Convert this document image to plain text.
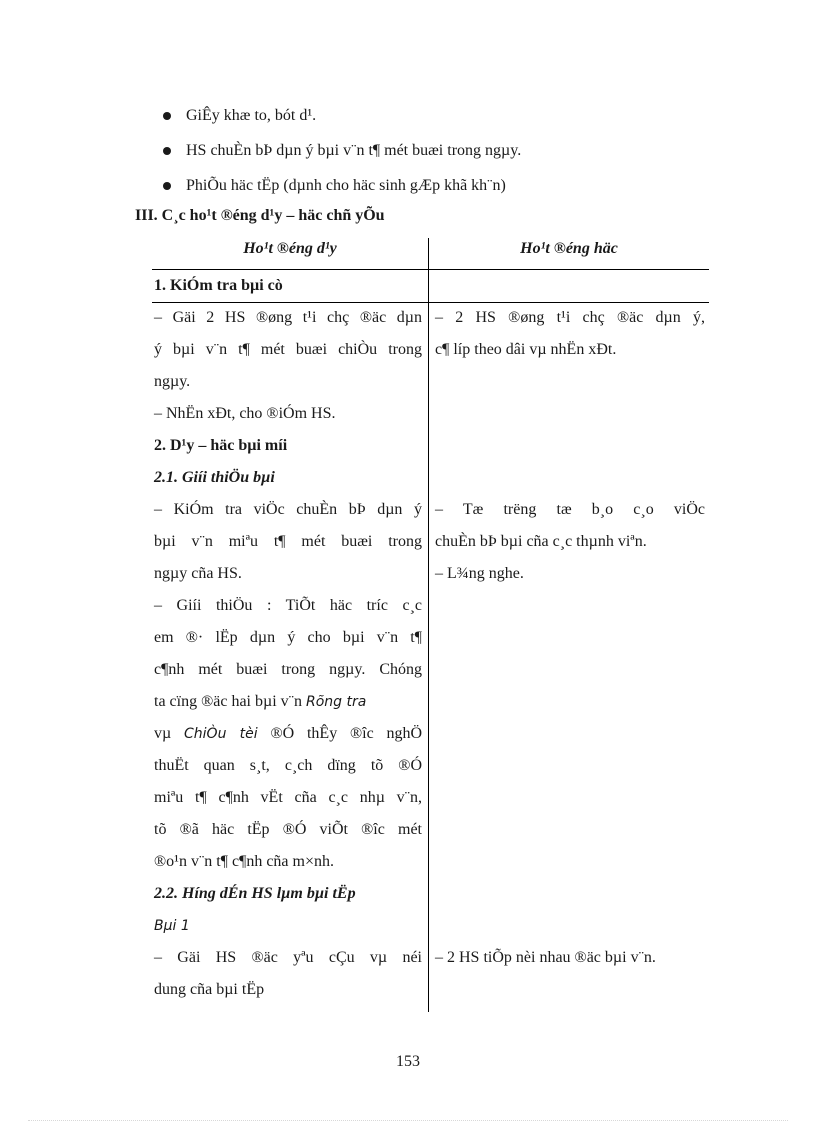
GiÊy khæ to, bót d¹.
HS chuÈn bÞ dµn ý bµi v¨n t¶ mét buæi trong ngµy.
PhiÕu häc tËp (dµnh cho häc sinh gÆp khã kh¨n)
III. C¸c ho¹t ®éng d¹y – häc chñ yÕu
Ho¹t ®éng d¹y	Ho¹t ®éng häc
1. KiÓm tra bµi cò
– Gäi 2 HS ®øng t¹i chç ®äc dµn
ý bµi v¨n t¶ mét buæi chiÒu trong
ngµy.
– NhËn xÐt, cho ®iÓm HS.
2. D¹y – häc bµi míi
2.1. Giíi thiÖu bµi
– KiÓm tra viÖc chuÈn bÞ dµn ý
bµi v¨n miªu t¶ mét buæi trong
ngµy cña HS.
– Giíi thiÖu : TiÕt häc tríc c¸c
em ®· lËp dµn ý cho bµi v¨n t¶
c¶nh mét buæi trong ngµy. Chóng
ta cïng ®äc hai bµi v¨n Rõng tra
vµ ChiÒu tèi ®Ó thÊy ®îc nghÖ
thuËt quan s¸t, c¸ch dïng tõ ®Ó
miªu t¶ c¶nh vËt cña c¸c nhµ v¨n,
tõ ®ã häc tËp ®Ó viÕt ®îc mét
®o¹n v¨n t¶ c¶nh cña m×nh.
2.2. Híng dÉn HS lµm bµi tËp
Bµi 1
– Gäi HS ®äc yªu cÇu vµ néi
dung cña bµi tËp
– 2 HS ®øng t¹i chç ®äc dµn ý,
c¶ líp theo dâi vµ nhËn xÐt.
– Tæ trëng tæ b¸o c¸o viÖc
chuÈn bÞ bµi cña c¸c thµnh viªn.
– L¾ng nghe.
– 2 HS tiÕp nèi nhau ®äc bµi v¨n.
153
